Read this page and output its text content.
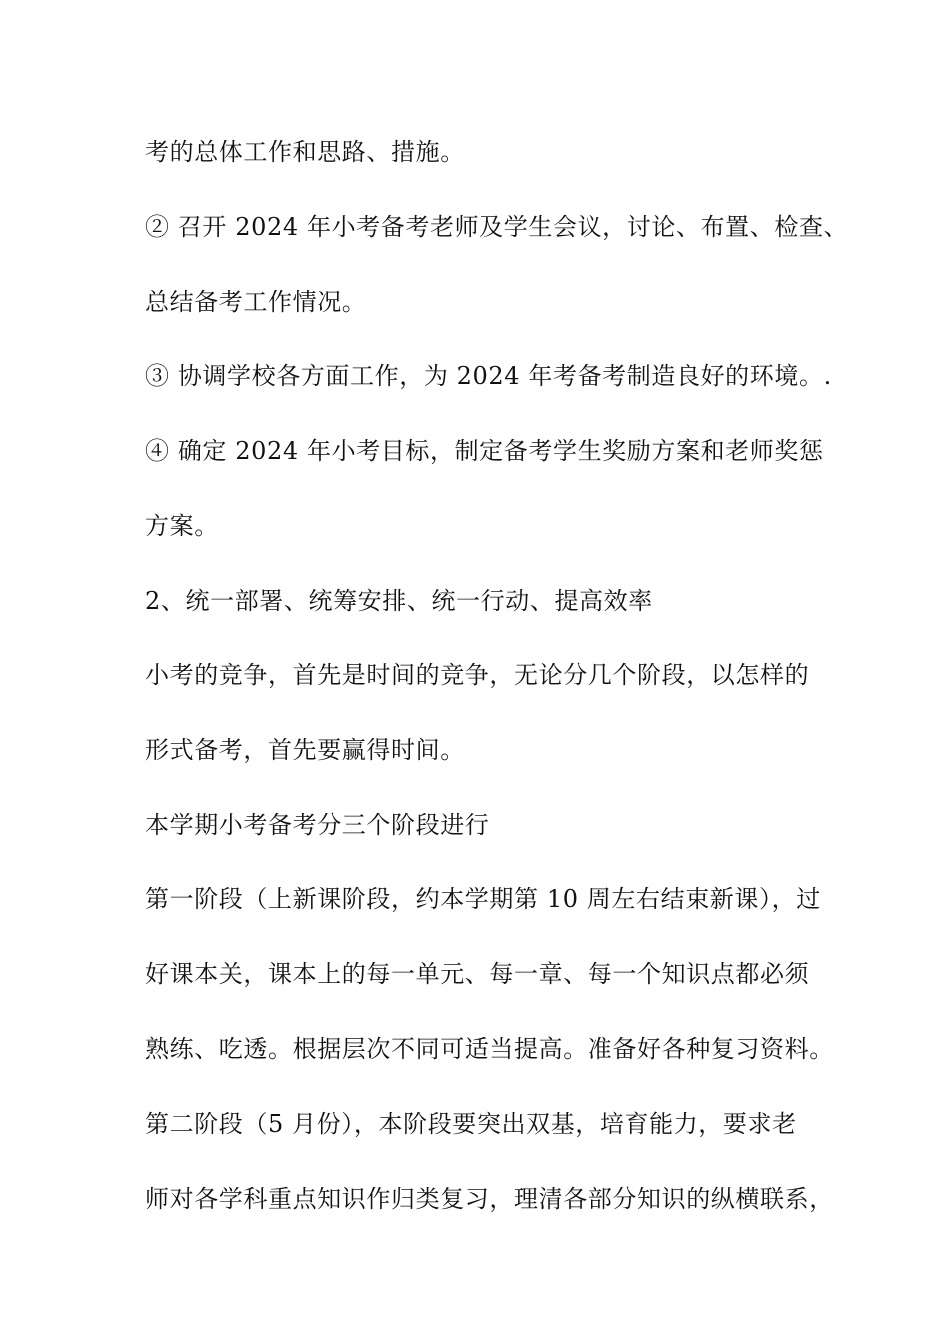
考的总体工作和思路、措施。
② 召开 2024 年小考备考老师及学生会议，讨论、布置、检查、
总结备考工作情况。
③ 协调学校各方面工作，为 2024 年考备考制造良好的环境。.
④ 确定 2024 年小考目标，制定备考学生奖励方案和老师奖惩
方案。
2、统一部署、统筹安排、统一行动、提高效率
小考的竞争，首先是时间的竞争，无论分几个阶段，以怎样的
形式备考，首先要赢得时间。
本学期小考备考分三个阶段进行
第一阶段（上新课阶段，约本学期第 10 周左右结束新课），过
好课本关，课本上的每一单元、每一章、每一个知识点都必须
熟练、吃透。根据层次不同可适当提高。准备好各种复习资料。
第二阶段（5 月份），本阶段要突出双基，培育能力，要求老
师对各学科重点知识作归类复习，理清各部分知识的纵横联系，
